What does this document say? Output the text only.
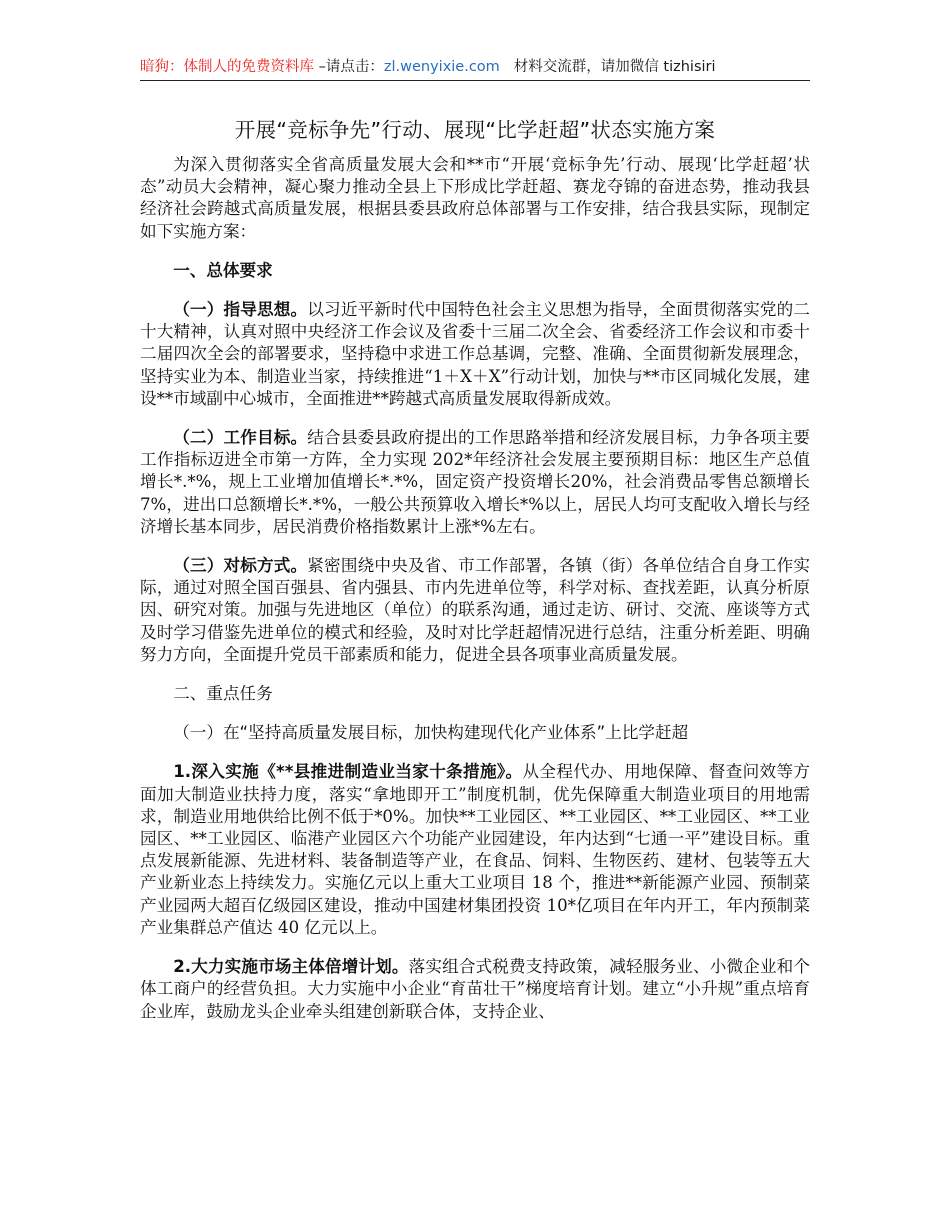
暗狗：体制人的免费资料库 –请点击：zl.wenyixie.com 材料交流群，请加微信 tizhisiri
开展“竞标争先”行动、展现“比学赶超”状态实施方案

为深入贯彻落实全省高质量发展大会和**市“开展‘竞标争先’行动、展现‘比学赶超’状态”动员大会精神，凝心聚力推动全县上下形成比学赶超、赛龙夺锦的奋进态势，推动我县经济社会跨越式高质量发展，根据县委县政府总体部署与工作安排，结合我县实际，现制定如下实施方案：

一、总体要求

（一）指导思想。以习近平新时代中国特色社会主义思想为指导，全面贯彻落实党的二十大精神，认真对照中央经济工作会议及省委十三届二次全会、省委经济工作会议和市委十二届四次全会的部署要求，坚持稳中求进工作总基调，完整、准确、全面贯彻新发展理念，坚持实业为本、制造业当家，持续推进“1＋X＋X”行动计划，加快与**市区同城化发展，建设**市域副中心城市，全面推进**跨越式高质量发展取得新成效。

（二）工作目标。结合县委县政府提出的工作思路举措和经济发展目标，力争各项主要工作指标迈进全市第一方阵，全力实现 202*年经济社会发展主要预期目标：地区生产总值增长*.*%，规上工业增加值增长*.*%，固定资产投资增长20%，社会消费品零售总额增长 7%，进出口总额增长*.*%，一般公共预算收入增长*%以上，居民人均可支配收入增长与经济增长基本同步，居民消费价格指数累计上涨*%左右。

（三）对标方式。紧密围绕中央及省、市工作部署，各镇（街）各单位结合自身工作实际，通过对照全国百强县、省内强县、市内先进单位等，科学对标、查找差距，认真分析原因、研究对策。加强与先进地区（单位）的联系沟通，通过走访、研讨、交流、座谈等方式及时学习借鉴先进单位的模式和经验，及时对比学赶超情况进行总结，注重分析差距、明确努力方向，全面提升党员干部素质和能力，促进全县各项事业高质量发展。

二、重点任务
（一）在“坚持高质量发展目标，加快构建现代化产业体系”上比学赶超

1.深入实施《**县推进制造业当家十条措施》。从全程代办、用地保障、督查问效等方面加大制造业扶持力度，落实“拿地即开工”制度机制，优先保障重大制造业项目的用地需求，制造业用地供给比例不低于*0%。加快**工业园区、**工业园区、**工业园区、**工业园区、**工业园区、临港产业园区六个功能产业园建设，年内达到“七通一平”建设目标。重点发展新能源、先进材料、装备制造等产业，在食品、饲料、生物医药、建材、包装等五大产业新业态上持续发力。实施亿元以上重大工业项目 18 个，推进**新能源产业园、预制菜产业园两大超百亿级园区建设，推动中国建材集团投资 10*亿项目在年内开工，年内预制菜产业集群总产值达 40 亿元以上。

2.大力实施市场主体倍增计划。落实组合式税费支持政策，减轻服务业、小微企业和个体工商户的经营负担。大力实施中小企业“育苗壮干”梯度培育计划。建立“小升规”重点培育企业库，鼓励龙头企业牵头组建创新联合体，支持企业、
